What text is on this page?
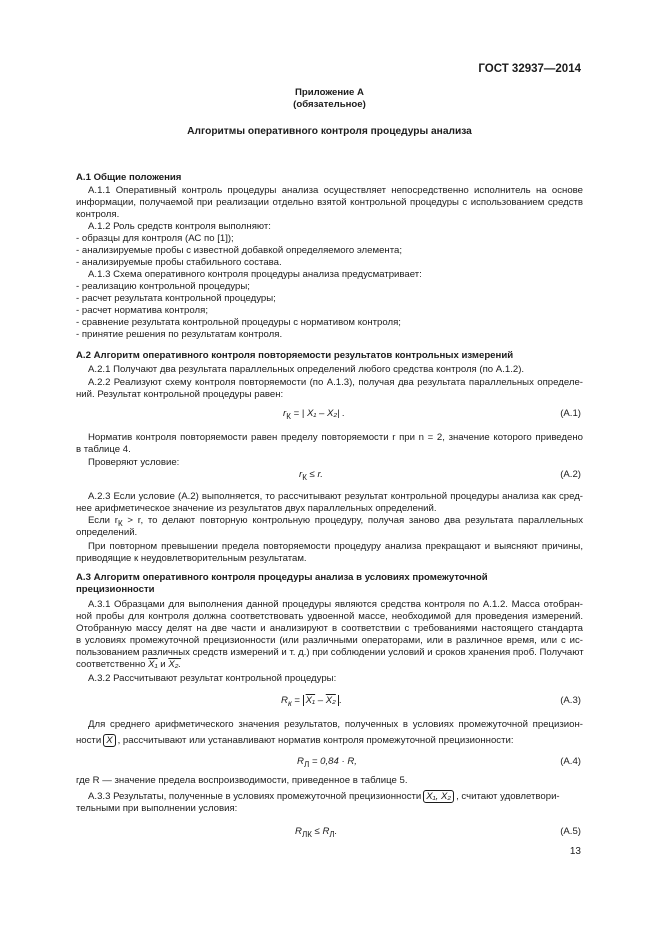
ГОСТ 32937—2014
Приложение А
(обязательное)
Алгоритмы оперативного контроля процедуры анализа
А.1 Общие положения
А.1.1 Оперативный контроль процедуры анализа осуществляет непосредственно исполнитель на основе
информации, получаемой при реализации отдельно взятой контрольной процедуры с использованием средств
контроля.
А.1.2 Роль средств контроля выполняют:
- образцы для контроля (АС по [1]);
- анализируемые пробы с известной добавкой определяемого элемента;
- анализируемые пробы стабильного состава.
А.1.3 Схема оперативного контроля процедуры анализа предусматривает:
- реализацию контрольной процедуры;
- расчет результата контрольной процедуры;
- расчет норматива контроля;
- сравнение результата контрольной процедуры с нормативом контроля;
- принятие решения по результатам контроля.
А.2 Алгоритм оперативного контроля повторяемости результатов контрольных измерений
А.2.1 Получают два результата параллельных определений любого средства контроля (по А.1.2).
А.2.2 Реализуют схему контроля повторяемости (по А.1.3), получая два результата параллельных определе-
ний. Результат контрольной процедуры равен:
$r_К$ = | X₁ – X₂| .	(А.1)
Норматив контроля повторяемости равен пределу повторяемости r при n = 2, значение которого приведено
в таблице 4.
Проверяют условие:
$r_К \le r$.	(А.2)
А.2.3 Если условие (А.2) выполняется, то рассчитывают результат контрольной процедуры анализа как сред-
нее арифметическое значение из результатов двух параллельных определений.
Если $r_К > r$, то делают повторную контрольную процедуру, получая заново два результата параллельных
определений.
При повторном превышении предела повторяемости процедуру анализа прекращают и выясняют причины,
приводящие к неудовлетворительным результатам.
А.3 Алгоритм оперативного контроля процедуры анализа в условиях промежуточной
прецизионности
А.3.1 Образцами для выполнения данной процедуры являются средства контроля по А.1.2. Масса отобран-
ной пробы для контроля должна соответствовать удвоенной массе, необходимой для проведения измерений.
Отобранную массу делят на две части и анализируют в соответствии с требованиями настоящего стандарта
в условиях промежуточной прецизионности (или различными операторами, или в различное время, или с ис-
пользованием различных средств измерений и т. д.) при соблюдении условий и сроков хранения проб. Получают
соответственно X₁ и X₂.
А.3.2 Рассчитывают результат контрольной процедуры:
$R_к = X_1 - X_2$ .	(А.3)
Для среднего арифметического значения результатов, полученных в условиях промежуточной прецизион-
ности $\overline{X}$ , рассчитывают или устанавливают норматив контроля промежуточной прецизионности:
$R_Л = 0,84 \cdot R$,	(А.4)
где R — значение предела воспроизводимости, приведенное в таблице 5.
А.3.3 Результаты, полученные в условиях промежуточной прецизионности X₁, X₂ , считают удовлетвори-
тельными при выполнении условия:
$R_{ЛК} \le R_Л$.	(А.5)
13
